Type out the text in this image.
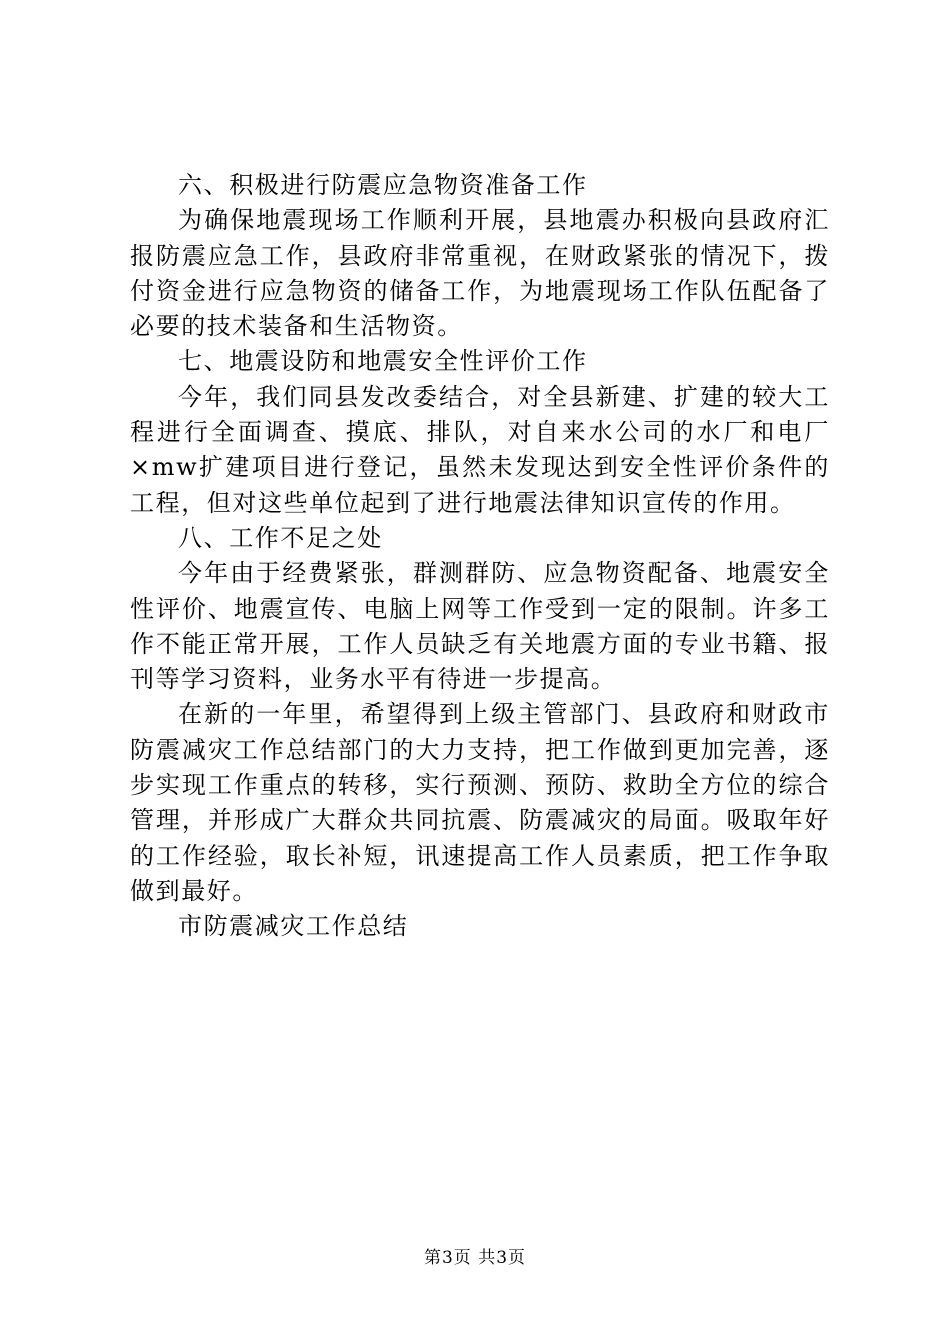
六、积极进行防震应急物资准备工作

为确保地震现场工作顺利开展，县地震办积极向县政府汇报防震应急工作，县政府非常重视，在财政紧张的情况下，拨付资金进行应急物资的储备工作，为地震现场工作队伍配备了必要的技术装备和生活物资。

七、地震设防和地震安全性评价工作

今年，我们同县发改委结合，对全县新建、扩建的较大工程进行全面调查、摸底、排队，对自来水公司的水厂和电厂×mw扩建项目进行登记，虽然未发现达到安全性评价条件的工程，但对这些单位起到了进行地震法律知识宣传的作用。

八、工作不足之处

今年由于经费紧张，群测群防、应急物资配备、地震安全性评价、地震宣传、电脑上网等工作受到一定的限制。许多工作不能正常开展，工作人员缺乏有关地震方面的专业书籍、报刊等学习资料，业务水平有待进一步提高。

在新的一年里，希望得到上级主管部门、县政府和财政市防震减灾工作总结部门的大力支持，把工作做到更加完善，逐步实现工作重点的转移，实行预测、预防、救助全方位的综合管理，并形成广大群众共同抗震、防震减灾的局面。吸取年好的工作经验，取长补短，讯速提高工作人员素质，把工作争取做到最好。

市防震减灾工作总结

第3页 共3页
